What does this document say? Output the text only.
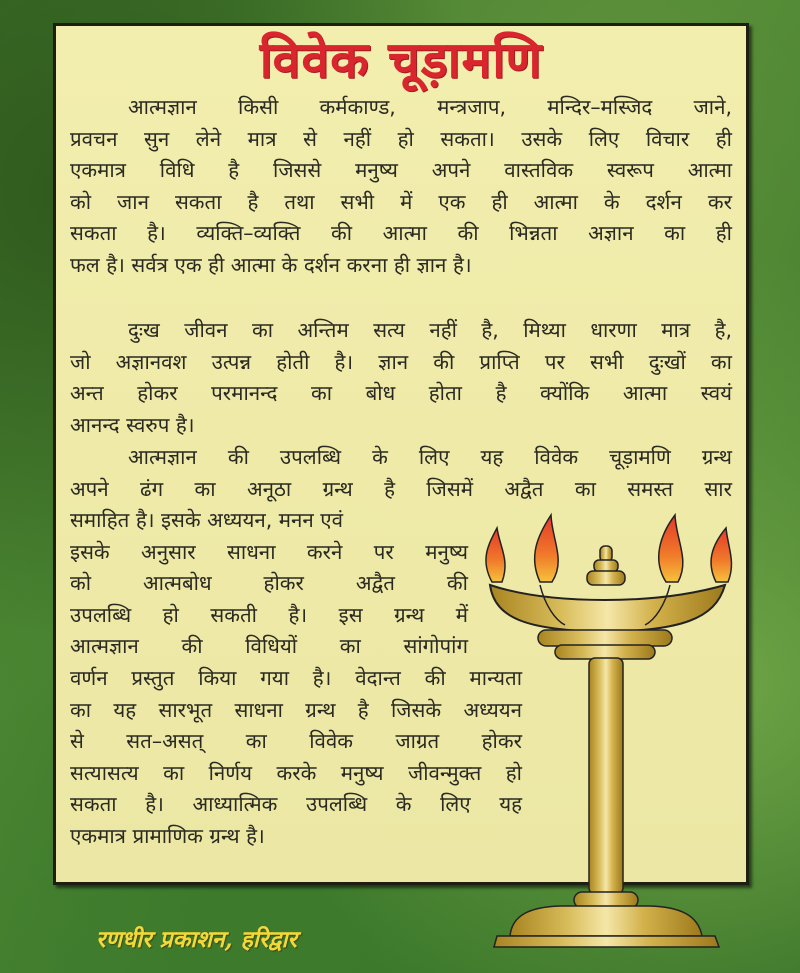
विवेक चूड़ामणि
आत्मज्ञान किसी कर्मकाण्ड, मन्त्रजाप, मन्दिर–मस्जिद जाने,
प्रवचन सुन लेने मात्र से नहीं हो सकता। उसके लिए विचार ही
एकमात्र विधि है जिससे मनुष्य अपने वास्तविक स्वरूप आत्मा
को जान सकता है तथा सभी में एक ही आत्मा के दर्शन कर
सकता है। व्यक्ति–व्यक्ति की आत्मा की भिन्नता अज्ञान का ही
फल है। सर्वत्र एक ही आत्मा के दर्शन करना ही ज्ञान है।
दुःख जीवन का अन्तिम सत्य नहीं है, मिथ्या धारणा मात्र है,
जो अज्ञानवश उत्पन्न होती है। ज्ञान की प्राप्ति पर सभी दुःखों का
अन्त होकर परमानन्द का बोध होता है क्योंकि आत्मा स्वयं
आनन्द स्वरुप है।
आत्मज्ञान की उपलब्धि के लिए यह विवेक चूड़ामणि ग्रन्थ
अपने ढंग का अनूठा ग्रन्थ है जिसमें अद्वैत का समस्त सार
समाहित है। इसके अध्ययन, मनन एवं
इसके अनुसार साधना करने पर मनुष्य
को आत्मबोध होकर अद्वैत की
उपलब्धि हो सकती है। इस ग्रन्थ में
आत्मज्ञान की विधियों का सांगोपांग
वर्णन प्रस्तुत किया गया है। वेदान्त की मान्यता
का यह सारभूत साधना ग्रन्थ है जिसके अध्ययन
से सत–असत् का विवेक जाग्रत होकर
सत्यासत्य का निर्णय करके मनुष्य जीवन्मुक्त हो
सकता है। आध्यात्मिक उपलब्धि के लिए यह
एकमात्र प्रामाणिक ग्रन्थ है।
रणधीर प्रकाशन, हरिद्वार
